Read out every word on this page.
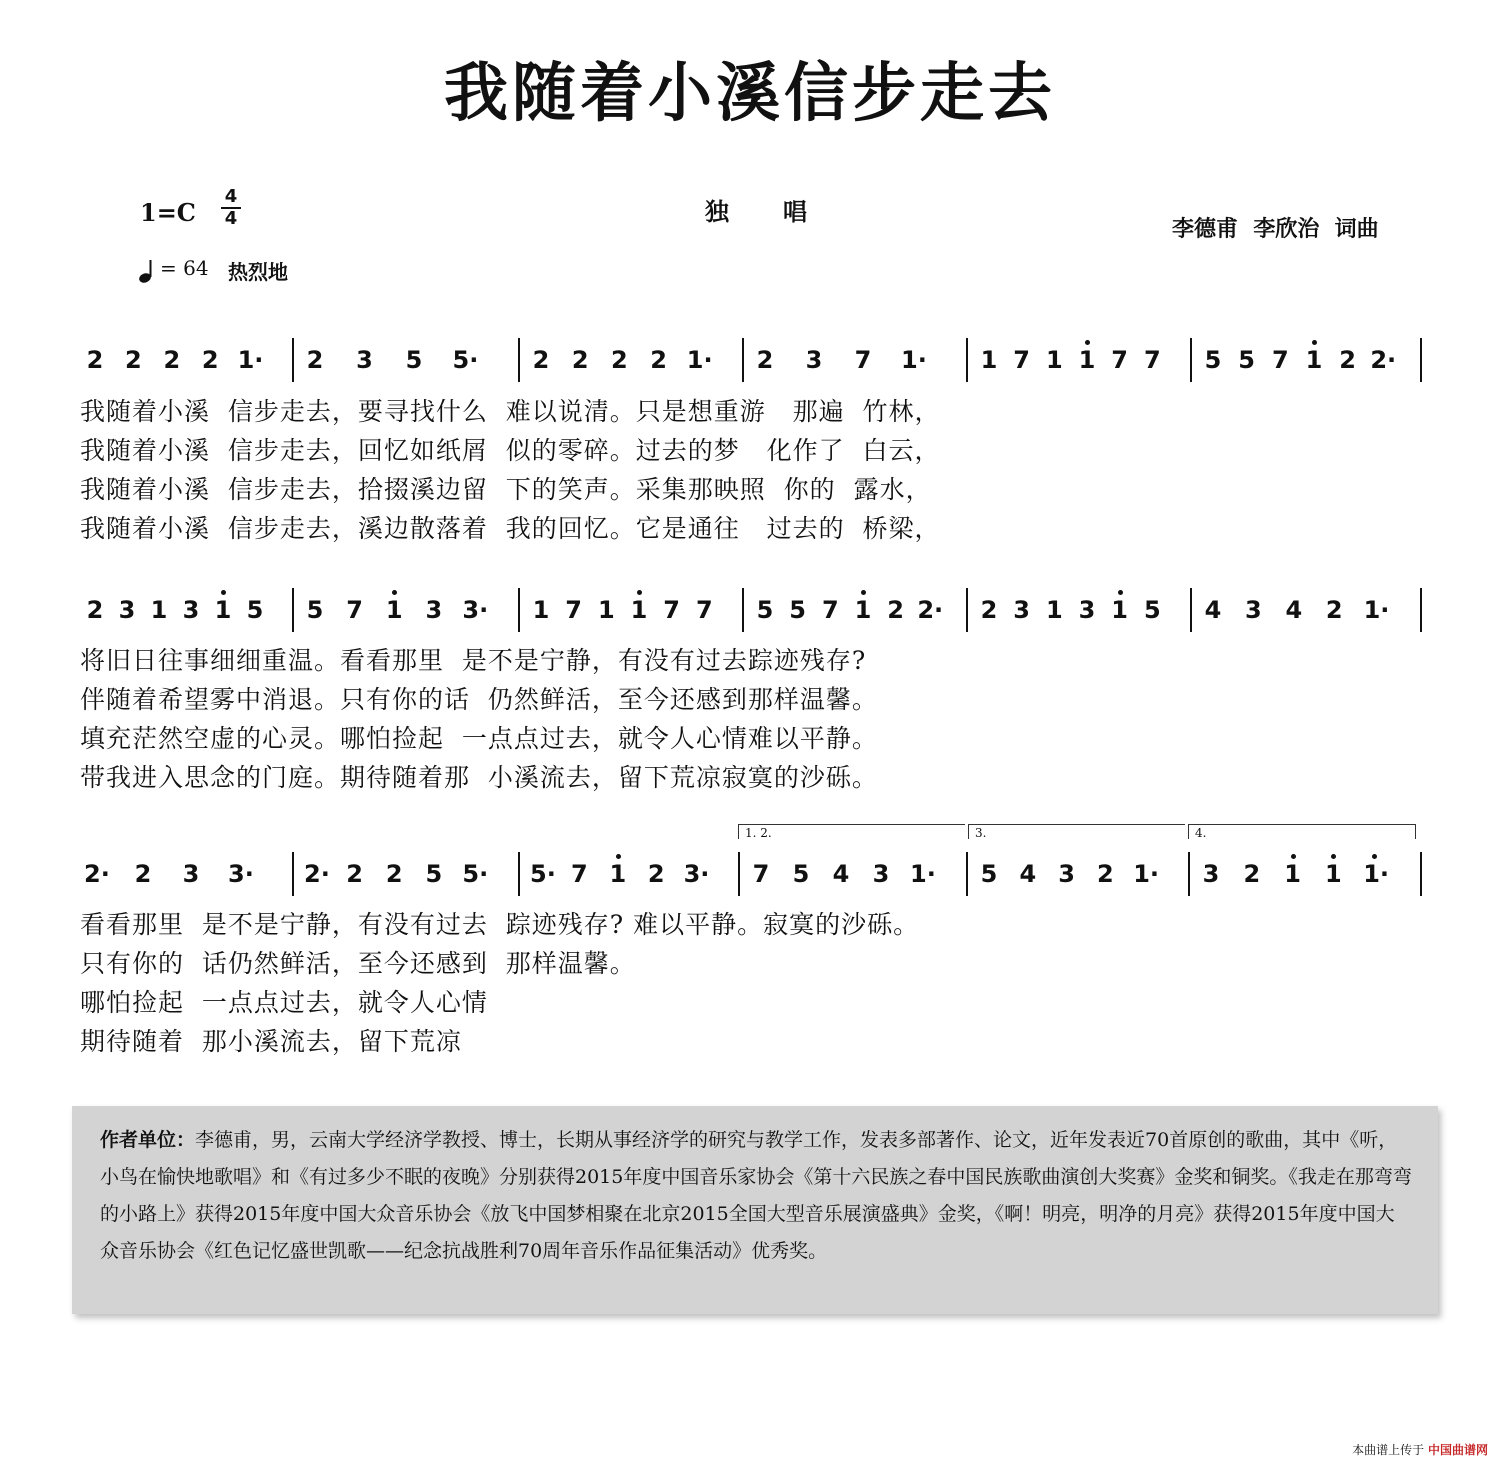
我随着小溪信步走去
1=C
4
4	独唱
李德甫  李欣治  词曲
= 64 热烈地
2 2 2 2 1· 2 3 5 5· 2 2 2 2 1· 2 3 7 1· 1 7 1 1 7 7 5 5 7 1 2 2·
2 3 1 3 1 5 5 7 1 3 3· 1 7 1 1 7 7 5 5 7 1 2 2· 2 3 1 3 1 5 4 3 4 2 1·
2· 2 3 3· 2· 2 2 5 5· 5· 7 1 2 3· 7 5 4 3 1· 5 4 3 2 1· 3 2 1 1 1·
1. 2.	3.	4.
我随着小溪  信步走去，要寻找什么  难以说清。只是想重游   那遍  竹林，
我随着小溪  信步走去，回忆如纸屑  似的零碎。过去的梦   化作了  白云，
我随着小溪  信步走去，拾掇溪边留  下的笑声。采集那映照  你的  露水，
我随着小溪  信步走去，溪边散落着  我的回忆。它是通往   过去的  桥梁，
将旧日往事细细重温。看看那里  是不是宁静，有没有过去踪迹残存?
伴随着希望雾中消退。只有你的话  仍然鲜活，至今还感到那样温馨。
填充茫然空虚的心灵。哪怕捡起  一点点过去，就令人心情难以平静。
带我进入思念的门庭。期待随着那  小溪流去，留下荒凉寂寞的沙砾。
看看那里  是不是宁静，有没有过去  踪迹残存? 难以平静。寂寞的沙砾。
只有你的  话仍然鲜活，至今还感到  那样温馨。
哪怕捡起  一点点过去，就令人心情
期待随着  那小溪流去，留下荒凉
作者单位：李德甫，男，云南大学经济学教授、博士，长期从事经济学的研究与教学工作，发表多部著作、论文，近年发表近70首原创的歌曲，其中《听，小鸟在愉快地歌唱》和《有过多少不眠的夜晚》分别获得2015年度中国音乐家协会《第十六民族之春中国民族歌曲演创大奖赛》金奖和铜奖。《我走在那弯弯的小路上》获得2015年度中国大众音乐协会《放飞中国梦相聚在北京2015全国大型音乐展演盛典》金奖，《啊！明亮，明净的月亮》获得2015年度中国大众音乐协会《红色记忆盛世凯歌——纪念抗战胜利70周年音乐作品征集活动》优秀奖。
本曲谱上传于 中国曲谱网
